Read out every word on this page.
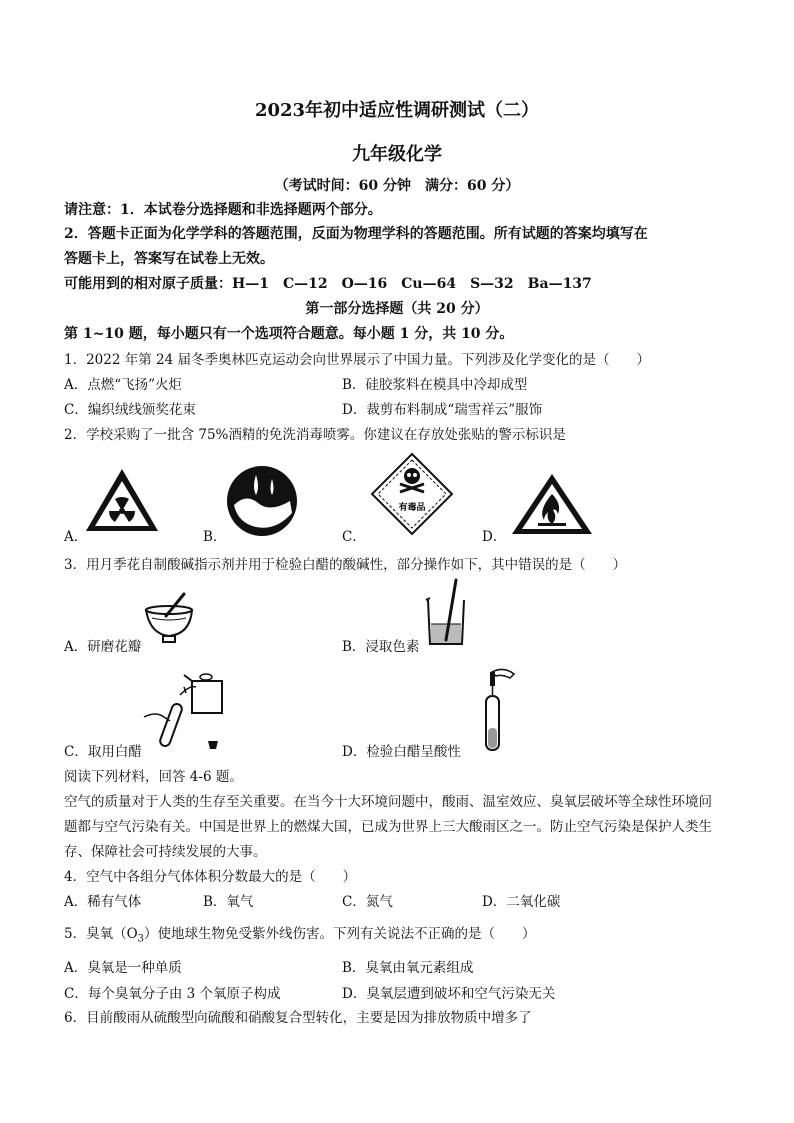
2023年初中适应性调研测试（二）
九年级化学
（考试时间：60 分钟　满分：60 分）
请注意：1．本试卷分选择题和非选择题两个部分。
2．答题卡正面为化学学科的答题范围，反面为物理学科的答题范围。所有试题的答案均填写在
答题卡上，答案写在试卷上无效。
可能用到的相对原子质量：H—1　C—12　O—16　Cu—64　S—32　Ba—137
第一部分选择题（共 20 分）
第 1~10 题，每小题只有一个选项符合题意。每小题 1 分，共 10 分。
1．2022 年第 24 届冬季奥林匹克运动会向世界展示了中国力量。下列涉及化学变化的是（　　）
A．点燃“飞扬”火炬	B．硅胶浆料在模具中冷却成型
C．编织绒线颁奖花束	D．裁剪布料制成“瑞雪祥云”服饰
2．学校采购了一批含 75%酒精的免洗消毒喷雾。你建议在存放处张贴的警示标识是
A．	B．
有毒品
C．	D．
3．用月季花自制酸碱指示剂并用于检验白醋的酸碱性，部分操作如下，其中错误的是（　　）
A．研磨花瓣	B．浸取色素
C．取用白醋	D．检验白醋呈酸性
阅读下列材料，回答 4-6 题。
空气的质量对于人类的生存至关重要。在当今十大环境问题中，酸雨、温室效应、臭氧层破坏等全球性环境问
题都与空气污染有关。中国是世界上的燃煤大国，已成为世界上三大酸雨区之一。防止空气污染是保护人类生
存、保障社会可持续发展的大事。
4．空气中各组分气体体积分数最大的是（　　）
A．稀有气体	B．氧气	C．氮气	D．二氧化碳
5．臭氧$(O_3)$使地球生物免受紫外线伤害。下列有关说法不正确的是（　　）
A．臭氧是一种单质	B．臭氧由氧元素组成
C．每个臭氧分子由 3 个氧原子构成	D．臭氧层遭到破坏和空气污染无关
6．目前酸雨从硫酸型向硫酸和硝酸复合型转化，主要是因为排放物质中增多了
